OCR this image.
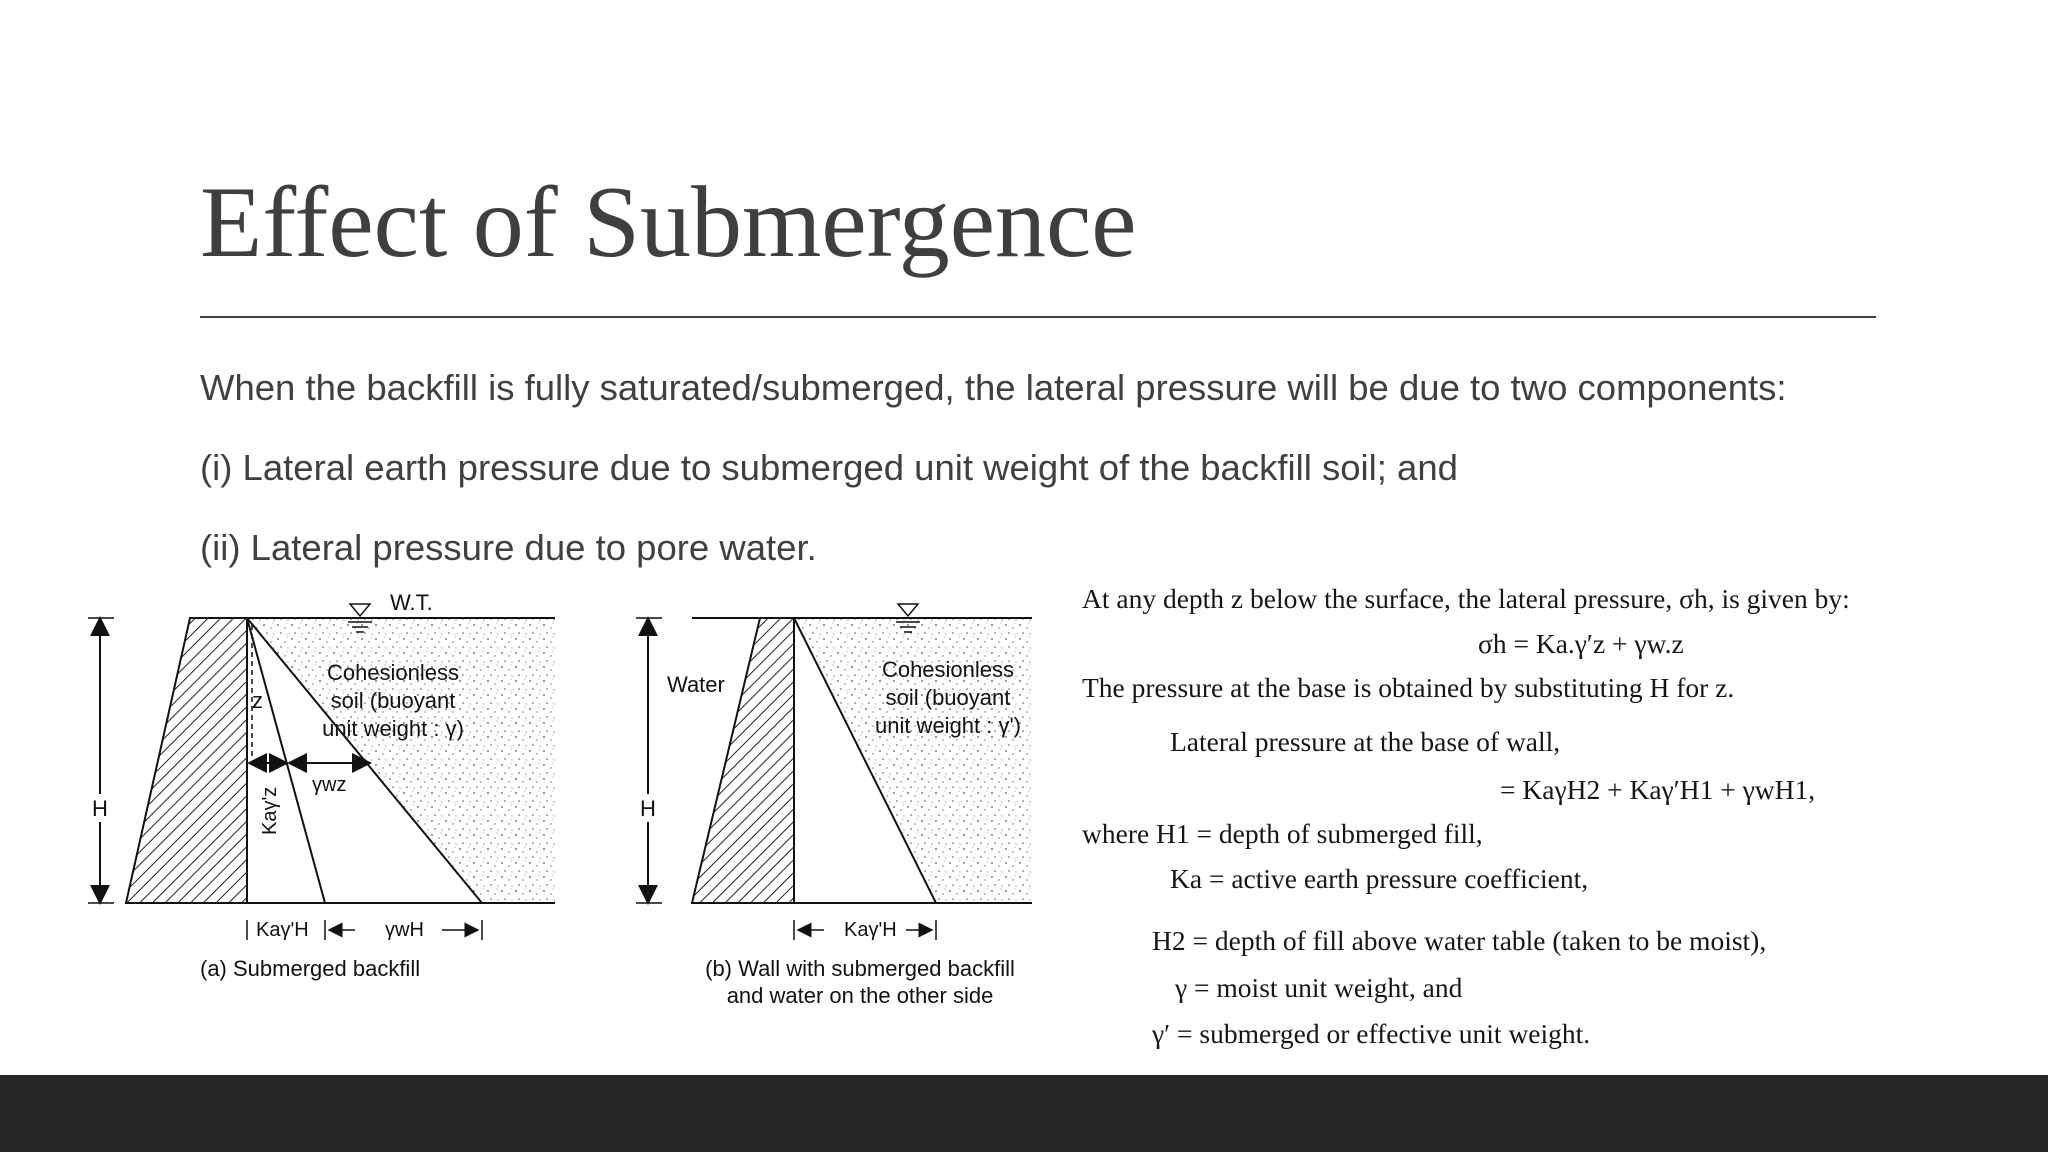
Effect of Submergence
When the backfill is fully saturated/submerged, the lateral pressure will be due to two components:
(i) Lateral earth pressure due to submerged unit weight of the backfill soil; and
(ii) Lateral pressure due to pore water.
z
W.T.
Cohesionless
soil (buoyant
unit weight : γ)
H
γwz
Kaγ'z
KaγʹH	γwH
(a) Submerged backfill
Water
Cohesionless
soil (buoyant
unit weight : γʹ)
H
KaγʹH
(b) Wall with submerged backfill
and water on the other side
At any depth z below the surface, the lateral pressure, σh, is given by:
σh = Ka.γʹz + γw.z
The pressure at the base is obtained by substituting H for z.
Lateral pressure at the base of wall,
= KaγH2 + KaγʹH1 + γwH1,
where H1 = depth of submerged fill,
Ka = active earth pressure coefficient,
H2 = depth of fill above water table (taken to be moist),
γ = moist unit weight, and
γʹ = submerged or effective unit weight.
